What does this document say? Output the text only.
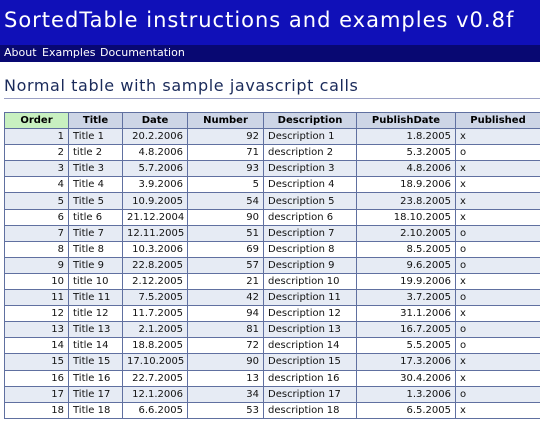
SortedTable instructions and examples v0.8f
About Examples Documentation
Normal table with sample javascript calls
Order	Title	Date	Number	Description	PublishDate	Published
1	Title 1	20.2.2006	92	Description 1	1.8.2005	x
2	title 2	4.8.2006	71	description 2	5.3.2005	o
3	Title 3	5.7.2006	93	Description 3	4.8.2006	x
4	Title 4	3.9.2006	5	Description 4	18.9.2006	x
5	Title 5	10.9.2005	54	Description 5	23.8.2005	x
6	title 6	21.12.2004	90	description 6	18.10.2005	x
7	Title 7	12.11.2005	51	Description 7	2.10.2005	o
8	Title 8	10.3.2006	69	Description 8	8.5.2005	o
9	Title 9	22.8.2005	57	Description 9	9.6.2005	o
10	title 10	2.12.2005	21	description 10	19.9.2006	x
11	Title 11	7.5.2005	42	Description 11	3.7.2005	o
12	title 12	11.7.2005	94	Description 12	31.1.2006	x
13	Title 13	2.1.2005	81	Description 13	16.7.2005	o
14	title 14	18.8.2005	72	description 14	5.5.2005	o
15	Title 15	17.10.2005	90	Description 15	17.3.2006	x
16	Title 16	22.7.2005	13	description 16	30.4.2006	x
17	Title 17	12.1.2006	34	Description 17	1.3.2006	o
18	Title 18	6.6.2005	53	description 18	6.5.2005	x
